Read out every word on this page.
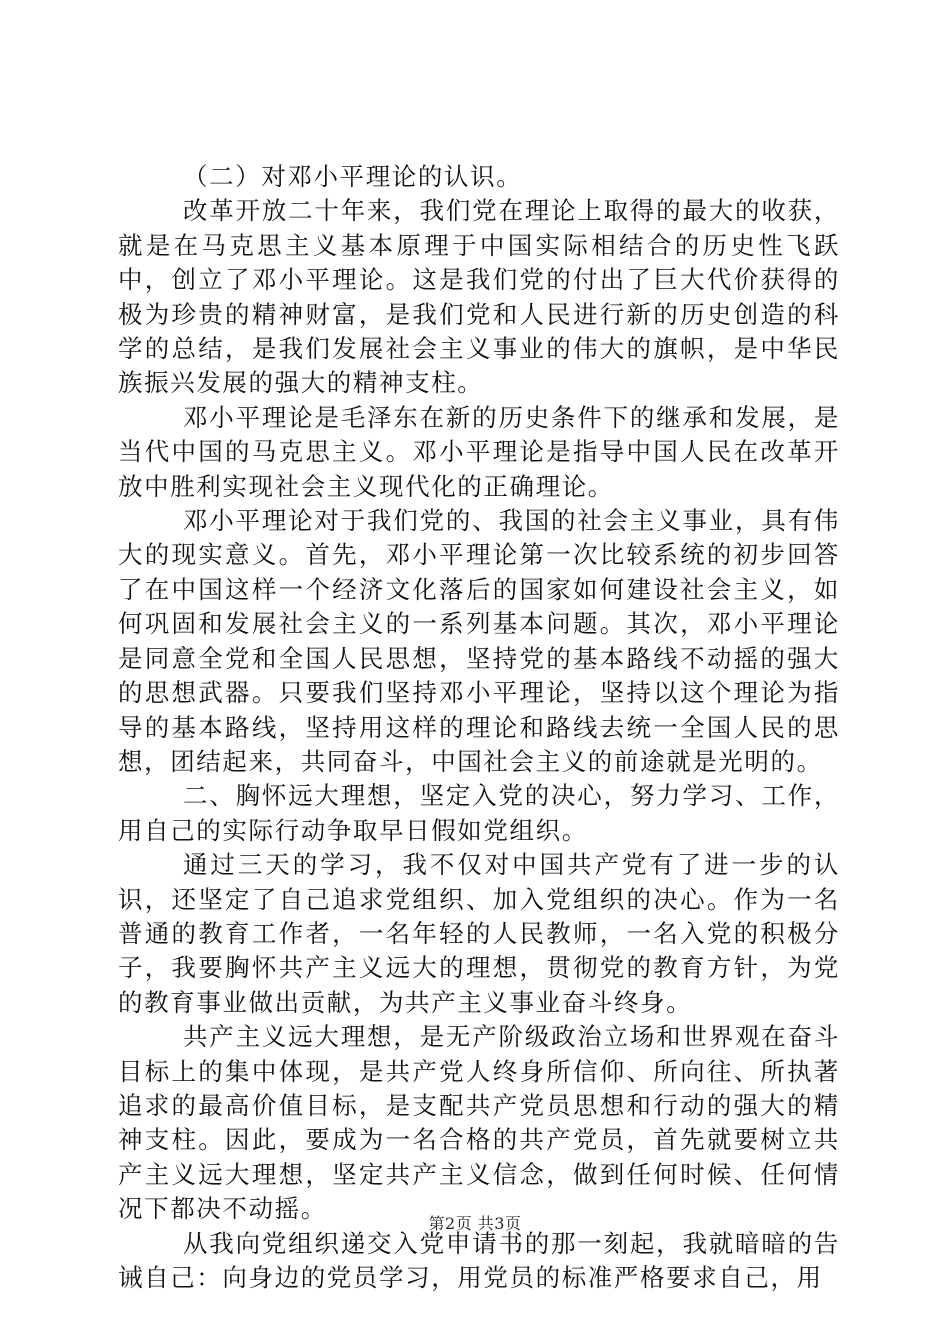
（二）对邓小平理论的认识。

改革开放二十年来，我们党在理论上取得的最大的收获，就是在马克思主义基本原理于中国实际相结合的历史性飞跃中，创立了邓小平理论。这是我们党的付出了巨大代价获得的极为珍贵的精神财富，是我们党和人民进行新的历史创造的科学的总结，是我们发展社会主义事业的伟大的旗帜，是中华民族振兴发展的强大的精神支柱。

邓小平理论是毛泽东在新的历史条件下的继承和发展，是当代中国的马克思主义。邓小平理论是指导中国人民在改革开放中胜利实现社会主义现代化的正确理论。

邓小平理论对于我们党的、我国的社会主义事业，具有伟大的现实意义。首先，邓小平理论第一次比较系统的初步回答了在中国这样一个经济文化落后的国家如何建设社会主义，如何巩固和发展社会主义的一系列基本问题。其次，邓小平理论是同意全党和全国人民思想，坚持党的基本路线不动摇的强大的思想武器。只要我们坚持邓小平理论，坚持以这个理论为指导的基本路线，坚持用这样的理论和路线去统一全国人民的思想，团结起来，共同奋斗，中国社会主义的前途就是光明的。

二、胸怀远大理想，坚定入党的决心，努力学习、工作，用自己的实际行动争取早日假如党组织。

通过三天的学习，我不仅对中国共产党有了进一步的认识，还坚定了自己追求党组织、加入党组织的决心。作为一名普通的教育工作者，一名年轻的人民教师，一名入党的积极分子，我要胸怀共产主义远大的理想，贯彻党的教育方针，为党的教育事业做出贡献，为共产主义事业奋斗终身。

共产主义远大理想，是无产阶级政治立场和世界观在奋斗目标上的集中体现，是共产党人终身所信仰、所向往、所执著追求的最高价值目标，是支配共产党员思想和行动的强大的精神支柱。因此，要成为一名合格的共产党员，首先就要树立共产主义远大理想，坚定共产主义信念，做到任何时候、任何情况下都决不动摇。

从我向党组织递交入党申请书的那一刻起，我就暗暗的告诫自己：向身边的党员学习，用党员的标准严格要求自己，用

第2页 共3页
